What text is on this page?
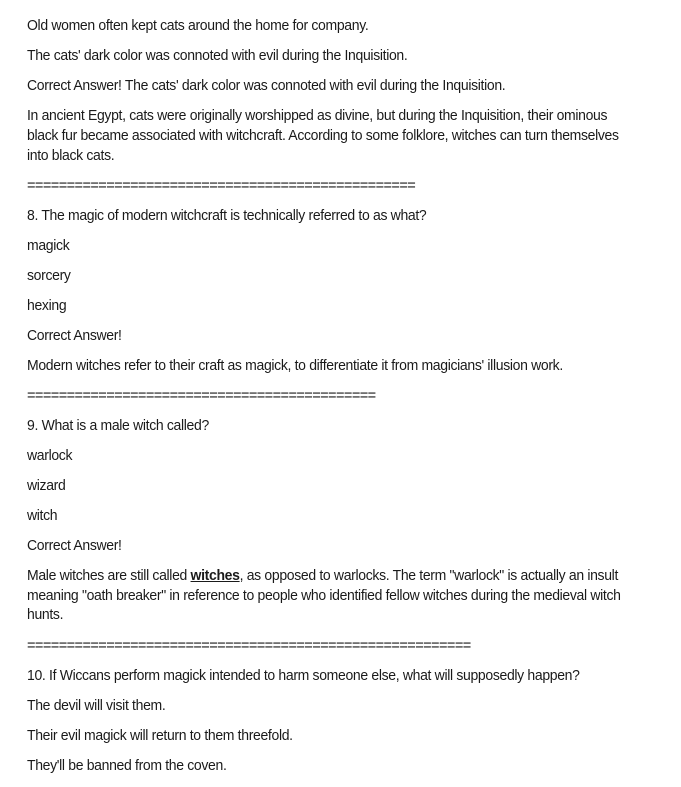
Old women often kept cats around the home for company.
The cats' dark color was connoted with evil during the Inquisition.
Correct Answer! The cats' dark color was connoted with evil during the Inquisition.
In ancient Egypt, cats were originally worshipped as divine, but during the Inquisition, their ominous black fur became associated with witchcraft. According to some folklore, witches can turn themselves into black cats.
=================================================
8. The magic of modern witchcraft is technically referred to as what?
magick
sorcery
hexing
Correct Answer!
Modern witches refer to their craft as magick, to differentiate it from magicians' illusion work.
============================================
9. What is a male witch called?
warlock
wizard
witch
Correct Answer!
Male witches are still called witches, as opposed to warlocks. The term "warlock" is actually an insult meaning "oath breaker" in reference to people who identified fellow witches during the medieval witch hunts.
========================================================
10. If Wiccans perform magick intended to harm someone else, what will supposedly happen?
The devil will visit them.
Their evil magick will return to them threefold.
They'll be banned from the coven.
